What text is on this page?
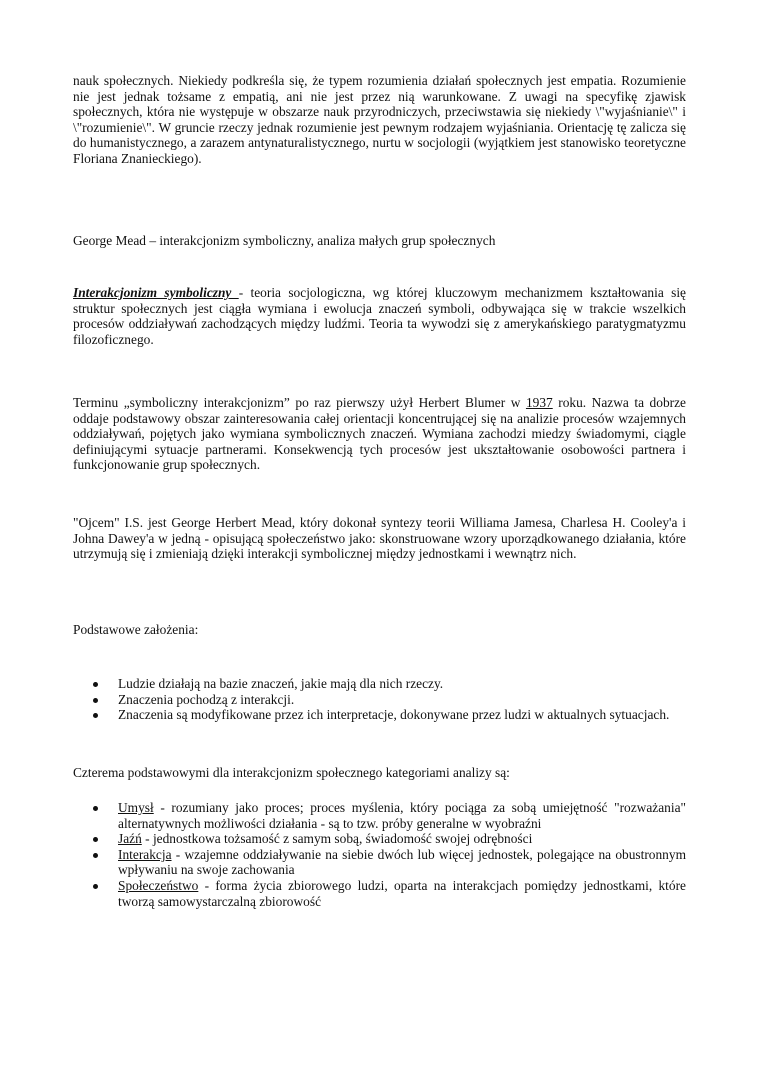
nauk społecznych. Niekiedy podkreśla się, że typem rozumienia działań społecznych jest empatia. Rozumienie nie jest jednak tożsame z empatią, ani nie jest przez nią warunkowane. Z uwagi na specyfikę zjawisk społecznych, która nie występuje w obszarze nauk przyrodniczych, przeciwstawia się niekiedy \"wyjaśnianie\" i \"rozumienie\". W gruncie rzeczy jednak rozumienie jest pewnym rodzajem wyjaśniania. Orientację tę zalicza się do humanistycznego, a zarazem antynaturalistycznego, nurtu w socjologii (wyjątkiem jest stanowisko teoretyczne Floriana Znanieckiego).

George Mead – interakcjonizm symboliczny, analiza małych grup społecznych

Interakcjonizm symboliczny - teoria socjologiczna, wg której kluczowym mechanizmem kształtowania się struktur społecznych jest ciągła wymiana i ewolucja znaczeń symboli, odbywająca się w trakcie wszelkich procesów oddziaływań zachodzących między ludźmi. Teoria ta wywodzi się z amerykańskiego paratygmatyzmu filozoficznego.

Terminu „symboliczny interakcjonizm” po raz pierwszy użył Herbert Blumer w 1937 roku. Nazwa ta dobrze oddaje podstawowy obszar zainteresowania całej orientacji koncentrującej się na analizie procesów wzajemnych oddziaływań, pojętych jako wymiana symbolicznych znaczeń. Wymiana zachodzi miedzy świadomymi, ciągle definiującymi sytuacje partnerami. Konsekwencją tych procesów jest ukształtowanie osobowości partnera i funkcjonowanie grup społecznych.

"Ojcem" I.S. jest George Herbert Mead, który dokonał syntezy teorii Williama Jamesa, Charlesa H. Cooley'a i Johna Dawey'a w jedną - opisującą społeczeństwo jako: skonstruowane wzory uporządkowanego działania, które utrzymują się i zmieniają dzięki interakcji symbolicznej między jednostkami i wewnątrz nich.

Podstawowe założenia:

Ludzie działają na bazie znaczeń, jakie mają dla nich rzeczy.
Znaczenia pochodzą z interakcji.
Znaczenia są modyfikowane przez ich interpretacje, dokonywane przez ludzi w aktualnych sytuacjach.

Czterema podstawowymi dla interakcjonizm społecznego kategoriami analizy są:

Umysł - rozumiany jako proces; proces myślenia, który pociąga za sobą umiejętność "rozważania" alternatywnych możliwości działania - są to tzw. próby generalne w wyobraźni
Jaźń - jednostkowa tożsamość z samym sobą, świadomość swojej odrębności
Interakcja - wzajemne oddziaływanie na siebie dwóch lub więcej jednostek, polegające na obustronnym wpływaniu na swoje zachowania
Społeczeństwo - forma życia zbiorowego ludzi, oparta na interakcjach pomiędzy jednostkami, które tworzą samowystarczalną zbiorowość
